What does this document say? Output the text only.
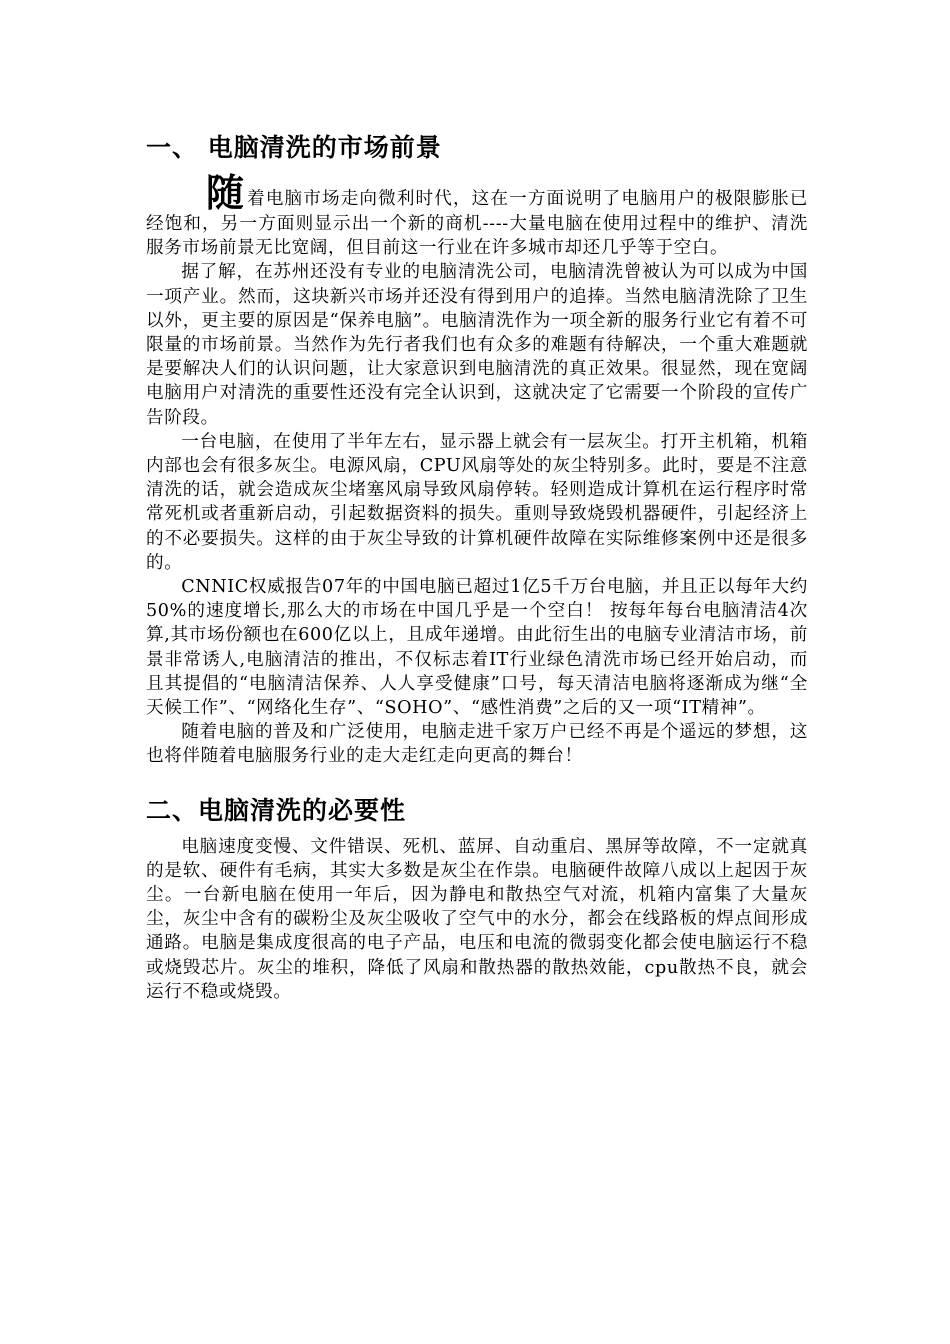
一、 电脑清洗的市场前景

随着电脑市场走向微利时代，这在一方面说明了电脑用户的极限膨胀已经饱和，另一方面则显示出一个新的商机----大量电脑在使用过程中的维护、清洗服务市场前景无比宽阔，但目前这一行业在许多城市却还几乎等于空白。

据了解，在苏州还没有专业的电脑清洗公司，电脑清洗曾被认为可以成为中国一项产业。然而，这块新兴市场并还没有得到用户的追捧。当然电脑清洗除了卫生以外，更主要的原因是“保养电脑”。电脑清洗作为一项全新的服务行业它有着不可限量的市场前景。当然作为先行者我们也有众多的难题有待解决，一个重大难题就是要解决人们的认识问题，让大家意识到电脑清洗的真正效果。很显然，现在宽阔电脑用户对清洗的重要性还没有完全认识到，这就决定了它需要一个阶段的宣传广告阶段。

一台电脑，在使用了半年左右，显示器上就会有一层灰尘。打开主机箱，机箱内部也会有很多灰尘。电源风扇，CPU风扇等处的灰尘特别多。此时，要是不注意清洗的话，就会造成灰尘堵塞风扇导致风扇停转。轻则造成计算机在运行程序时常常死机或者重新启动，引起数据资料的损失。重则导致烧毁机器硬件，引起经济上的不必要损失。这样的由于灰尘导致的计算机硬件故障在实际维修案例中还是很多的。

CNNIC权威报告07年的中国电脑已超过1亿5千万台电脑，并且正以每年大约50%的速度增长,那么大的市场在中国几乎是一个空白！ 按每年每台电脑清洁4次算,其市场份额也在600亿以上，且成年递增。由此衍生出的电脑专业清洁市场，前景非常诱人,电脑清洁的推出，不仅标志着IT行业绿色清洗市场已经开始启动，而且其提倡的“电脑清洁保养、人人享受健康”口号，每天清洁电脑将逐渐成为继“全天候工作”、“网络化生存”、“SOHO”、“感性消费”之后的又一项“IT精神”。

随着电脑的普及和广泛使用，电脑走进千家万户已经不再是个遥远的梦想，这也将伴随着电脑服务行业的走大走红走向更高的舞台！

二、电脑清洗的必要性

电脑速度变慢、文件错误、死机、蓝屏、自动重启、黑屏等故障，不一定就真的是软、硬件有毛病，其实大多数是灰尘在作祟。电脑硬件故障八成以上起因于灰尘。一台新电脑在使用一年后，因为静电和散热空气对流，机箱内富集了大量灰尘，灰尘中含有的碳粉尘及灰尘吸收了空气中的水分，都会在线路板的焊点间形成通路。电脑是集成度很高的电子产品，电压和电流的微弱变化都会使电脑运行不稳或烧毁芯片。灰尘的堆积，降低了风扇和散热器的散热效能，cpu散热不良，就会运行不稳或烧毁。
